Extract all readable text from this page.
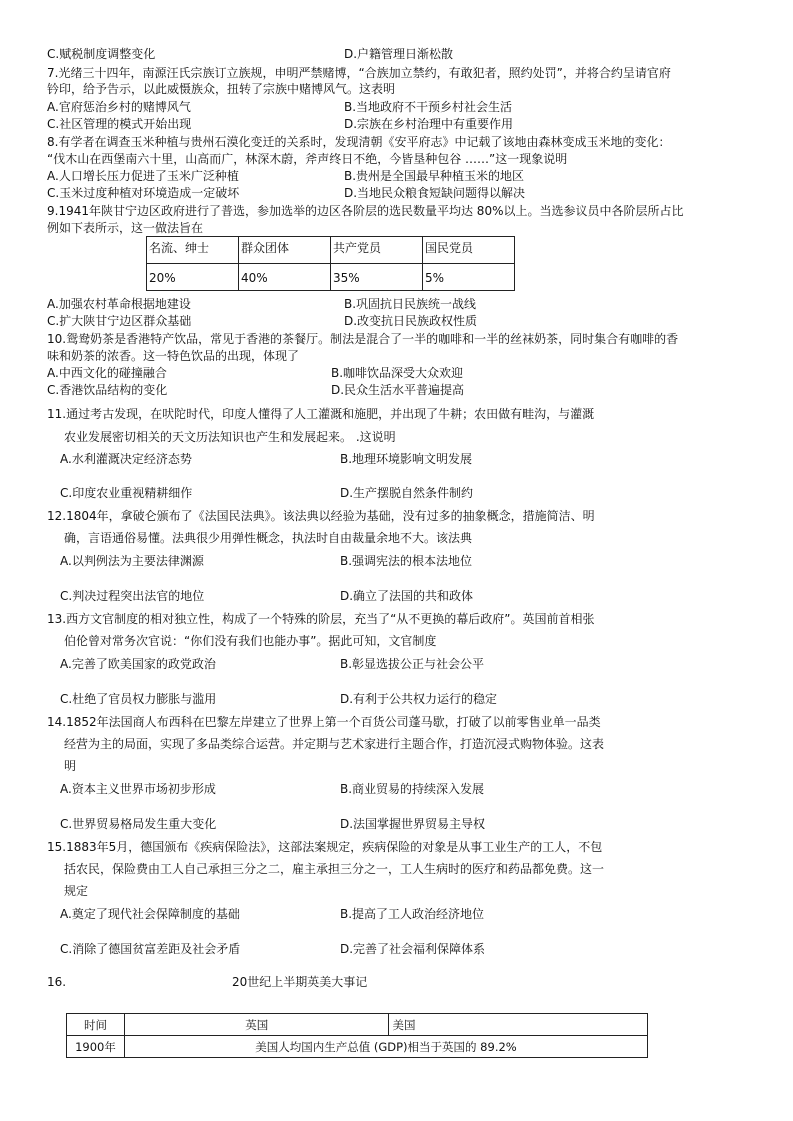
C.赋税制度调整变化	D.户籍管理日渐松散
7.光绪三十四年，南源汪氏宗族订立族规，申明严禁赌博，“合族加立禁约，有敢犯者，照约处罚”，并将合约呈请官府
钤印，给予告示，以此威慑族众，扭转了宗族中赌博风气。这表明
A.官府惩治乡村的赌博风气	B.当地政府不干预乡村社会生活
C.社区管理的模式开始出现	D.宗族在乡村治理中有重要作用
8.有学者在调查玉米种植与贵州石漠化变迁的关系时，发现清朝《安平府志》中记载了该地由森林变成玉米地的变化：
“伐木山在西堡南六十里，山高而广，林深木蔚，斧声终日不绝，今皆垦种包谷 ……”这一现象说明
A.人口增长压力促进了玉米广泛种植	B.贵州是全国最早种植玉米的地区
C.玉米过度种植对环境造成一定破坏	D.当地民众粮食短缺问题得以解决
9.1941年陕甘宁边区政府进行了普选，参加选举的边区各阶层的选民数量平均达 80%以上。当选参议员中各阶层所占比
例如下表所示，这一做法旨在
名流、绅士	群众团体	共产党员	国民党员
20%	40%	35%	5%
A.加强农村革命根据地建设	B.巩固抗日民族统一战线
C.扩大陕甘宁边区群众基础	D.改变抗日民族政权性质
10.鸳鸯奶茶是香港特产饮品，常见于香港的茶餐厅。制法是混合了一半的咖啡和一半的丝袜奶茶，同时集合有咖啡的香
味和奶茶的浓香。这一特色饮品的出现，体现了
A.中西文化的碰撞融合	B.咖啡饮品深受大众欢迎
C.香港饮品结构的变化	D.民众生活水平普遍提高
11.通过考古发现，在吠陀时代，印度人懂得了人工灌溉和施肥，并出现了牛耕；农田做有畦沟，与灌溉
农业发展密切相关的天文历法知识也产生和发展起来。 .这说明
A.水利灌溉决定经济态势	B.地理环境影响文明发展
C.印度农业重视精耕细作	D.生产摆脱自然条件制约
12.1804年，拿破仑颁布了《法国民法典》。该法典以经验为基础，没有过多的抽象概念，措施简洁、明
确，言语通俗易懂。法典很少用弹性概念，执法时自由裁量余地不大。该法典
A.以判例法为主要法律渊源	B.强调宪法的根本法地位
C.判决过程突出法官的地位	D.确立了法国的共和政体
13.西方文官制度的相对独立性，构成了一个特殊的阶层，充当了“从不更换的幕后政府”。英国前首相张
伯伦曾对常务次官说：“你们没有我们也能办事”。据此可知，文官制度
A.完善了欧美国家的政党政治	B.彰显选拔公正与社会公平
C.杜绝了官员权力膨胀与滥用	D.有利于公共权力运行的稳定
14.1852年法国商人布西科在巴黎左岸建立了世界上第一个百货公司蓬马歇，打破了以前零售业单一品类
经营为主的局面，实现了多品类综合运营。并定期与艺术家进行主题合作，打造沉浸式购物体验。这表
明
A.资本主义世界市场初步形成	B.商业贸易的持续深入发展
C.世界贸易格局发生重大变化	D.法国掌握世界贸易主导权
15.1883年5月，德国颁布《疾病保险法》，这部法案规定，疾病保险的对象是从事工业生产的工人，不包
括农民，保险费由工人自己承担三分之二，雇主承担三分之一，工人生病时的医疗和药品都免费。这一
规定
A.奠定了现代社会保障制度的基础	B.提高了工人政治经济地位
C.消除了德国贫富差距及社会矛盾	D.完善了社会福利保障体系
16.	20世纪上半期英美大事记
时间	英国	美国
1900年	美国人均国内生产总值 (GDP)相当于英国的 89.2%	
